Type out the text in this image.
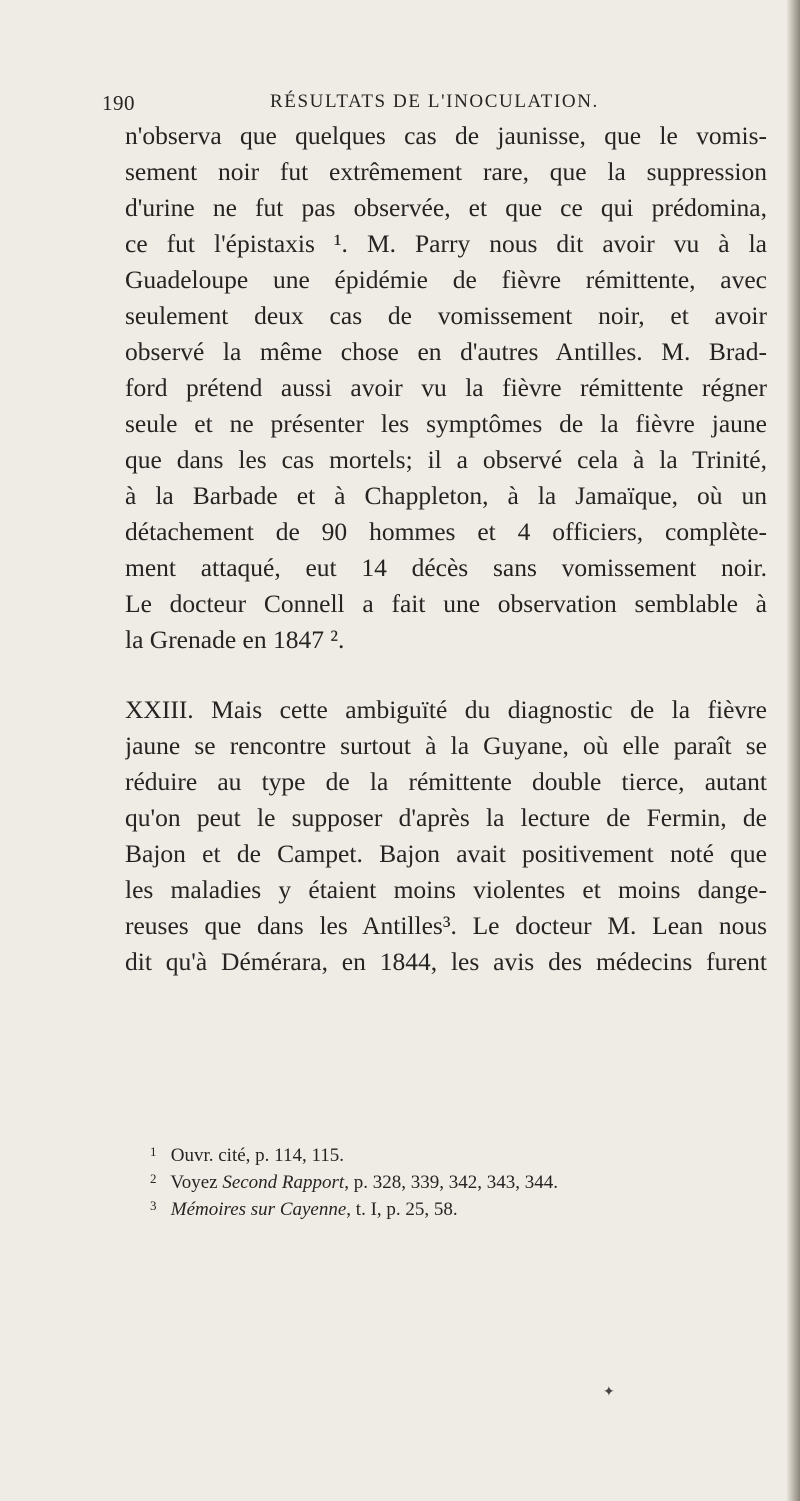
190	RÉSULTATS DE L'INOCULATION.
n'observa que quelques cas de jaunisse, que le vomis-
sement noir fut extrêmement rare, que la suppression
d'urine ne fut pas observée, et que ce qui prédomina,
ce fut l'épistaxis ¹. M. Parry nous dit avoir vu à la
Guadeloupe une épidémie de fièvre rémittente, avec
seulement deux cas de vomissement noir, et avoir
observé la même chose en d'autres Antilles. M. Brad-
ford prétend aussi avoir vu la fièvre rémittente régner
seule et ne présenter les symptômes de la fièvre jaune
que dans les cas mortels; il a observé cela à la Trinité,
à la Barbade et à Chappleton, à la Jamaïque, où un
détachement de 90 hommes et 4 officiers, complète-
ment attaqué, eut 14 décès sans vomissement noir.
Le docteur Connell a fait une observation semblable à
la Grenade en 1847 ².
XXIII. Mais cette ambiguïté du diagnostic de la fièvre
jaune se rencontre surtout à la Guyane, où elle paraît se
réduire au type de la rémittente double tierce, autant
qu'on peut le supposer d'après la lecture de Fermin, de
Bajon et de Campet. Bajon avait positivement noté que
les maladies y étaient moins violentes et moins dange-
reuses que dans les Antilles³. Le docteur M. Lean nous
dit qu'à Démérara, en 1844, les avis des médecins furent
1 Ouvr. cité, p. 114, 115.
2 Voyez Second Rapport, p. 328, 339, 342, 343, 344.
3 Mémoires sur Cayenne, t. I, p. 25, 58.
✦
